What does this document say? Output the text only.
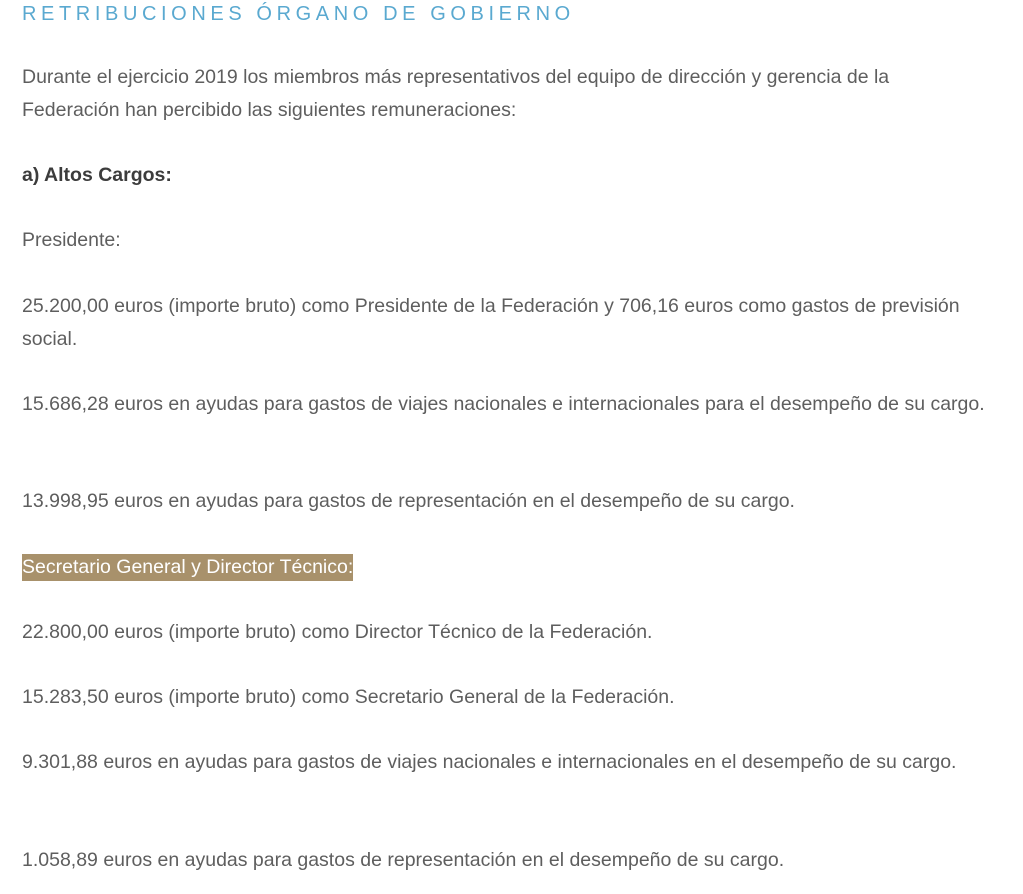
RETRIBUCIONES ÓRGANO DE GOBIERNO
Durante el ejercicio 2019 los miembros más representativos del equipo de dirección y gerencia de la Federación han percibido las siguientes remuneraciones:
a) Altos Cargos:
Presidente:
25.200,00 euros (importe bruto) como Presidente de la Federación y 706,16 euros como gastos de previsión social.
15.686,28 euros en ayudas para gastos de viajes nacionales e internacionales para el desempeño de su cargo.
13.998,95 euros en ayudas para gastos de representación en el desempeño de su cargo.
Secretario General y Director Técnico:
22.800,00 euros (importe bruto) como Director Técnico de la Federación.
15.283,50 euros (importe bruto) como Secretario General de la Federación.
9.301,88 euros en ayudas para gastos de viajes nacionales e internacionales en el desempeño de su cargo.
1.058,89 euros en ayudas para gastos de representación en el desempeño de su cargo.
